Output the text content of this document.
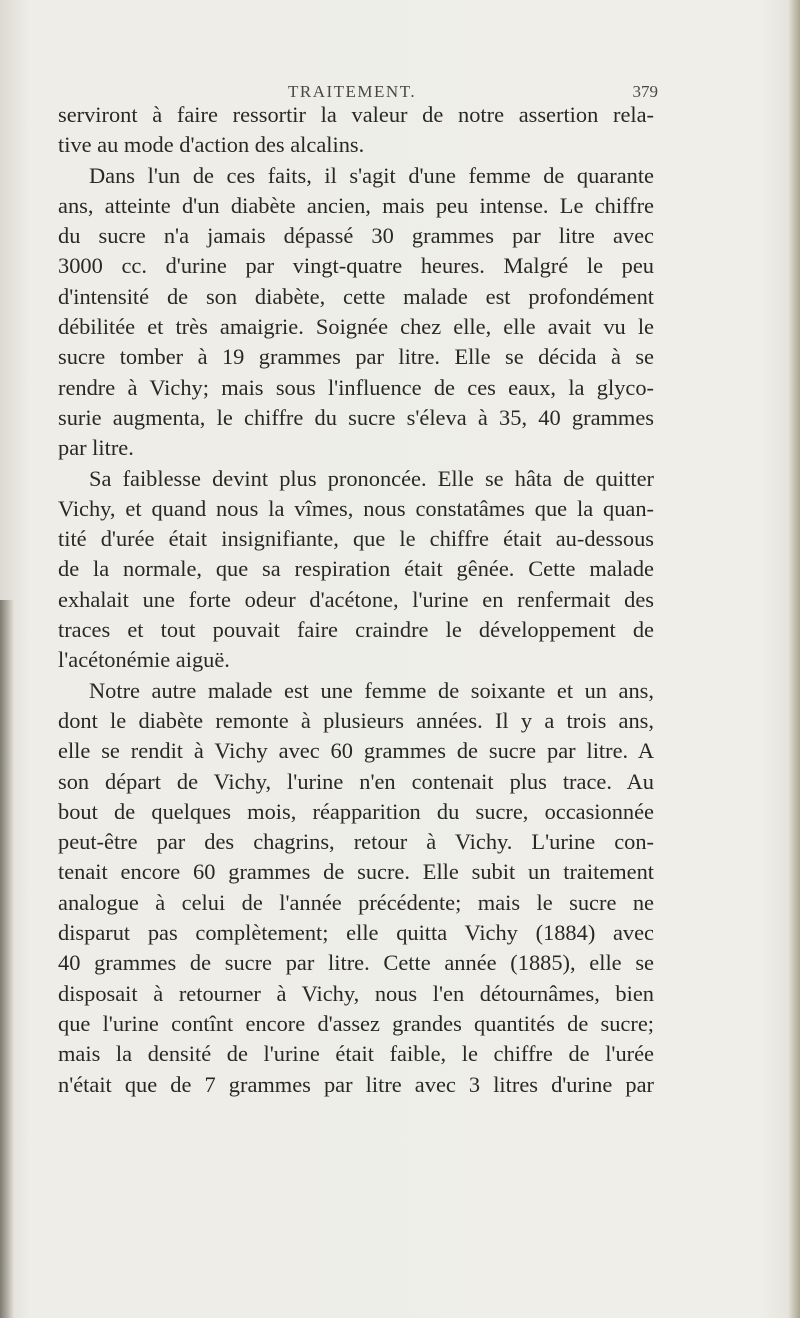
TRAITEMENT.	379
serviront à faire ressortir la valeur de notre assertion rela-
tive au mode d'action des alcalins.
Dans l'un de ces faits, il s'agit d'une femme de quarante
ans, atteinte d'un diabète ancien, mais peu intense. Le chiffre
du sucre n'a jamais dépassé 30 grammes par litre avec
3000 cc. d'urine par vingt-quatre heures. Malgré le peu
d'intensité de son diabète, cette malade est profondément
débilitée et très amaigrie. Soignée chez elle, elle avait vu le
sucre tomber à 19 grammes par litre. Elle se décida à se
rendre à Vichy; mais sous l'influence de ces eaux, la glyco-
surie augmenta, le chiffre du sucre s'éleva à 35, 40 grammes
par litre.
Sa faiblesse devint plus prononcée. Elle se hâta de quitter
Vichy, et quand nous la vîmes, nous constatâmes que la quan-
tité d'urée était insignifiante, que le chiffre était au-dessous
de la normale, que sa respiration était gênée. Cette malade
exhalait une forte odeur d'acétone, l'urine en renfermait des
traces et tout pouvait faire craindre le développement de
l'acétonémie aiguë.
Notre autre malade est une femme de soixante et un ans,
dont le diabète remonte à plusieurs années. Il y a trois ans,
elle se rendit à Vichy avec 60 grammes de sucre par litre. A
son départ de Vichy, l'urine n'en contenait plus trace. Au
bout de quelques mois, réapparition du sucre, occasionnée
peut-être par des chagrins, retour à Vichy. L'urine con-
tenait encore 60 grammes de sucre. Elle subit un traitement
analogue à celui de l'année précédente; mais le sucre ne
disparut pas complètement; elle quitta Vichy (1884) avec
40 grammes de sucre par litre. Cette année (1885), elle se
disposait à retourner à Vichy, nous l'en détournâmes, bien
que l'urine contînt encore d'assez grandes quantités de sucre;
mais la densité de l'urine était faible, le chiffre de l'urée
n'était que de 7 grammes par litre avec 3 litres d'urine par
